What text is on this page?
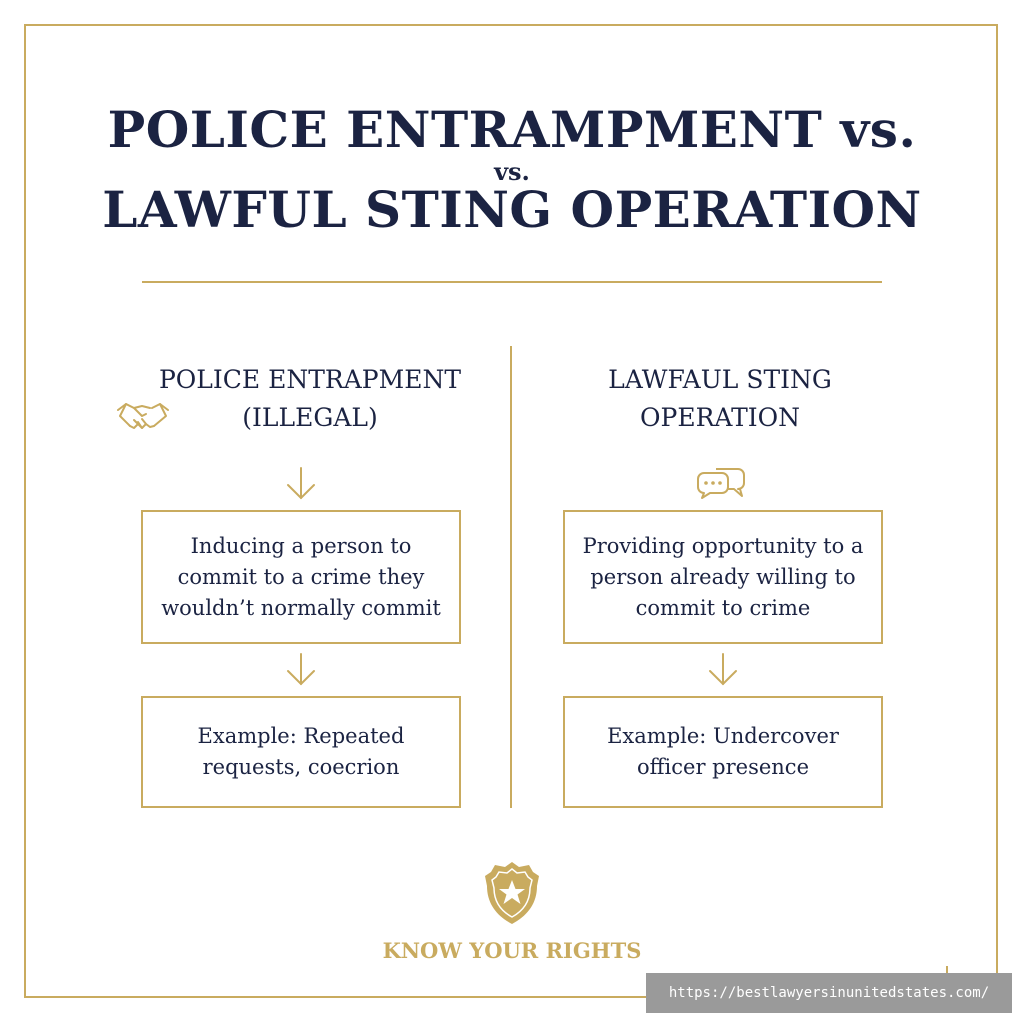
POLICE ENTRAMPMENT vs.
vs.
LAWFUL STING OPERATION
POLICE ENTRAPMENT
(ILLEGAL)
Inducing a person to commit to a crime they wouldn’t normally commit
Example: Repeated requests, coecrion
LAWFAUL STING
OPERATION
Providing opportunity to a person already willing to commit to crime
Example: Undercover officer presence
KNOW YOUR RIGHTS
https://bestlawyersinunitedstates.com/
